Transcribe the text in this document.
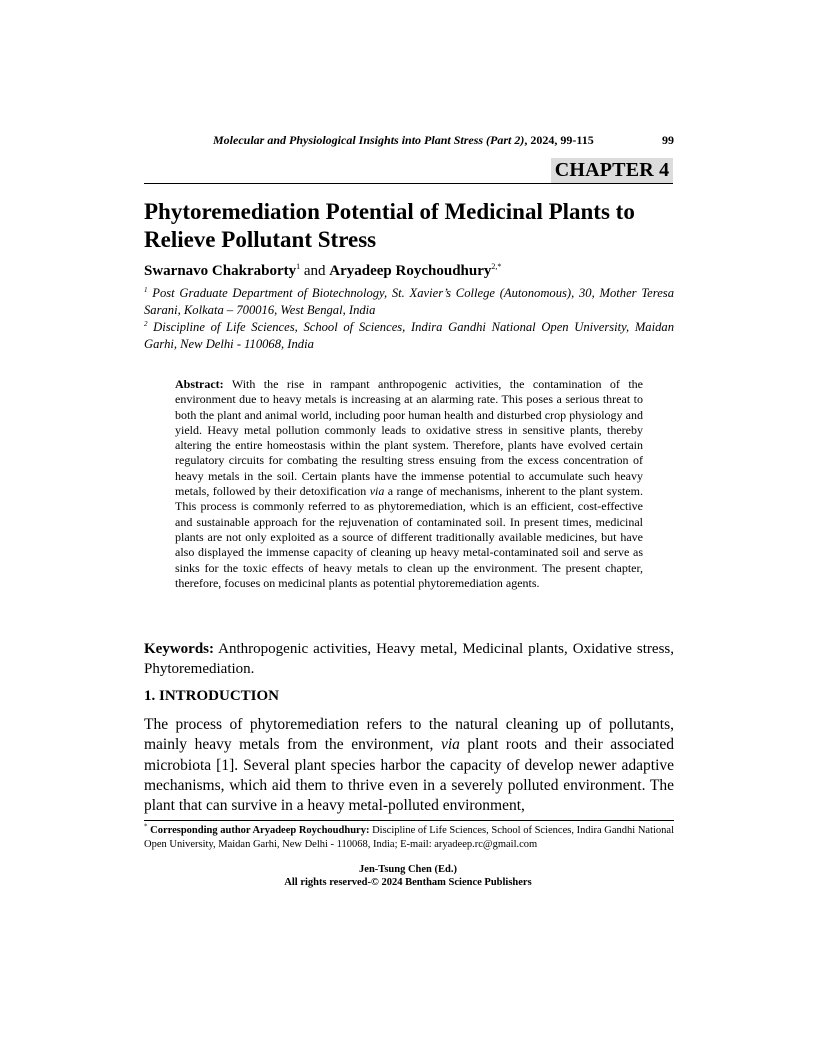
Molecular and Physiological Insights into Plant Stress (Part 2), 2024, 99-115	99
CHAPTER 4
Phytoremediation Potential of Medicinal Plants to Relieve Pollutant Stress
Swarnavo Chakraborty$^1$ and Aryadeep Roychoudhury$^{2,*}$
$^1$ Post Graduate Department of Biotechnology, St. Xavier’s College (Autonomous), 30, Mother Teresa Sarani, Kolkata – 700016, West Bengal, India
$^2$ Discipline of Life Sciences, School of Sciences, Indira Gandhi National Open University, Maidan Garhi, New Delhi - 110068, India
Abstract: With the rise in rampant anthropogenic activities, the contamination of the environment due to heavy metals is increasing at an alarming rate. This poses a serious threat to both the plant and animal world, including poor human health and disturbed crop physiology and yield. Heavy metal pollution commonly leads to oxidative stress in sensitive plants, thereby altering the entire homeostasis within the plant system. Therefore, plants have evolved certain regulatory circuits for combating the resulting stress ensuing from the excess concentration of heavy metals in the soil. Certain plants have the immense potential to accumulate such heavy metals, followed by their detoxification via a range of mechanisms, inherent to the plant system. This process is commonly referred to as phytoremediation, which is an efficient, cost-effective and sustainable approach for the rejuvenation of contaminated soil. In present times, medicinal plants are not only exploited as a source of different traditionally available medicines, but have also displayed the immense capacity of cleaning up heavy metal-contaminated soil and serve as sinks for the toxic effects of heavy metals to clean up the environment. The present chapter, therefore, focuses on medicinal plants as potential phytoremediation agents.
Keywords: Anthropogenic activities, Heavy metal, Medicinal plants, Oxidative stress, Phytoremediation.
1. INTRODUCTION
The process of phytoremediation refers to the natural cleaning up of pollutants, mainly heavy metals from the environment, via plant roots and their associated microbiota [1]. Several plant species harbor the capacity of develop newer adaptive mechanisms, which aid them to thrive even in a severely polluted environment. The plant that can survive in a heavy metal-polluted environment,
* Corresponding author Aryadeep Roychoudhury: Discipline of Life Sciences, School of Sciences, Indira Gandhi National Open University, Maidan Garhi, New Delhi - 110068, India; E-mail: aryadeep.rc@gmail.com
Jen-Tsung Chen (Ed.)
All rights reserved-© 2024 Bentham Science Publishers
